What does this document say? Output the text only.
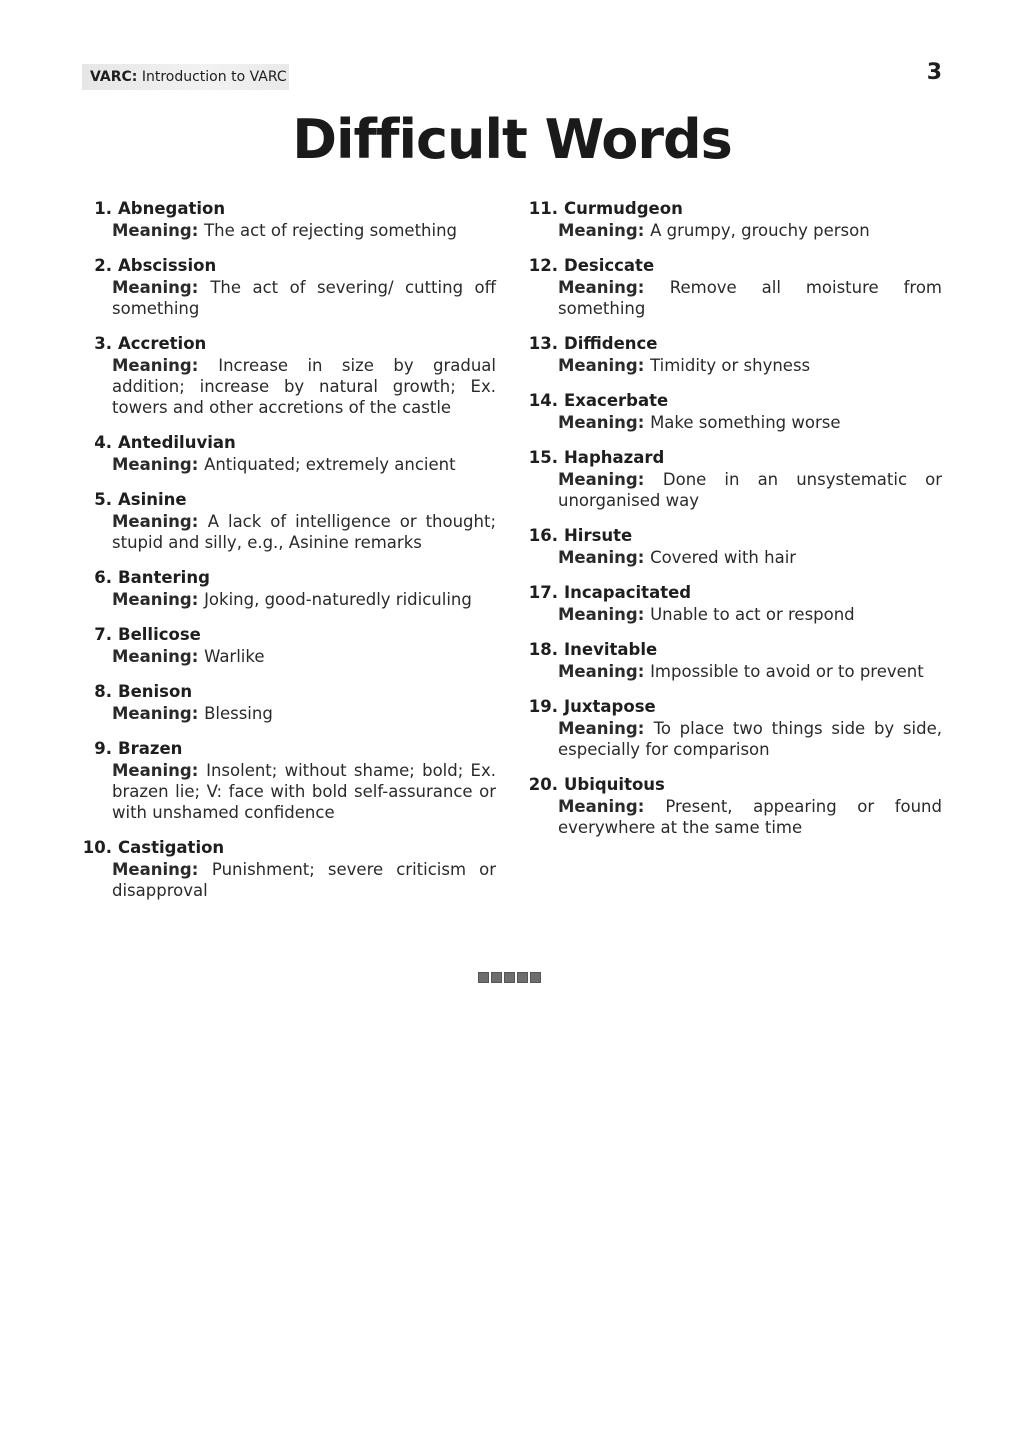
VARC: Introduction to VARC	3
Difficult Words
1. Abnegation
Meaning: The act of rejecting something
2. Abscission
Meaning: The act of severing/ cutting off something
3. Accretion
Meaning: Increase in size by gradual addition; increase by natural growth; Ex. towers and other accretions of the castle
4. Antediluvian
Meaning: Antiquated; extremely ancient
5. Asinine
Meaning: A lack of intelligence or thought; stupid and silly, e.g., Asinine remarks
6. Bantering
Meaning: Joking, good-naturedly ridiculing
7. Bellicose
Meaning: Warlike
8. Benison
Meaning: Blessing
9. Brazen
Meaning: Insolent; without shame; bold; Ex. brazen lie; V: face with bold self-assurance or with unshamed confidence
10. Castigation
Meaning: Punishment; severe criticism or disapproval
11. Curmudgeon
Meaning: A grumpy, grouchy person
12. Desiccate
Meaning: Remove all moisture from something
13. Diffidence
Meaning: Timidity or shyness
14. Exacerbate
Meaning: Make something worse
15. Haphazard
Meaning: Done in an unsystematic or unorganised way
16. Hirsute
Meaning: Covered with hair
17. Incapacitated
Meaning: Unable to act or respond
18. Inevitable
Meaning: Impossible to avoid or to prevent
19. Juxtapose
Meaning: To place two things side by side, especially for comparison
20. Ubiquitous
Meaning: Present, appearing or found everywhere at the same time
